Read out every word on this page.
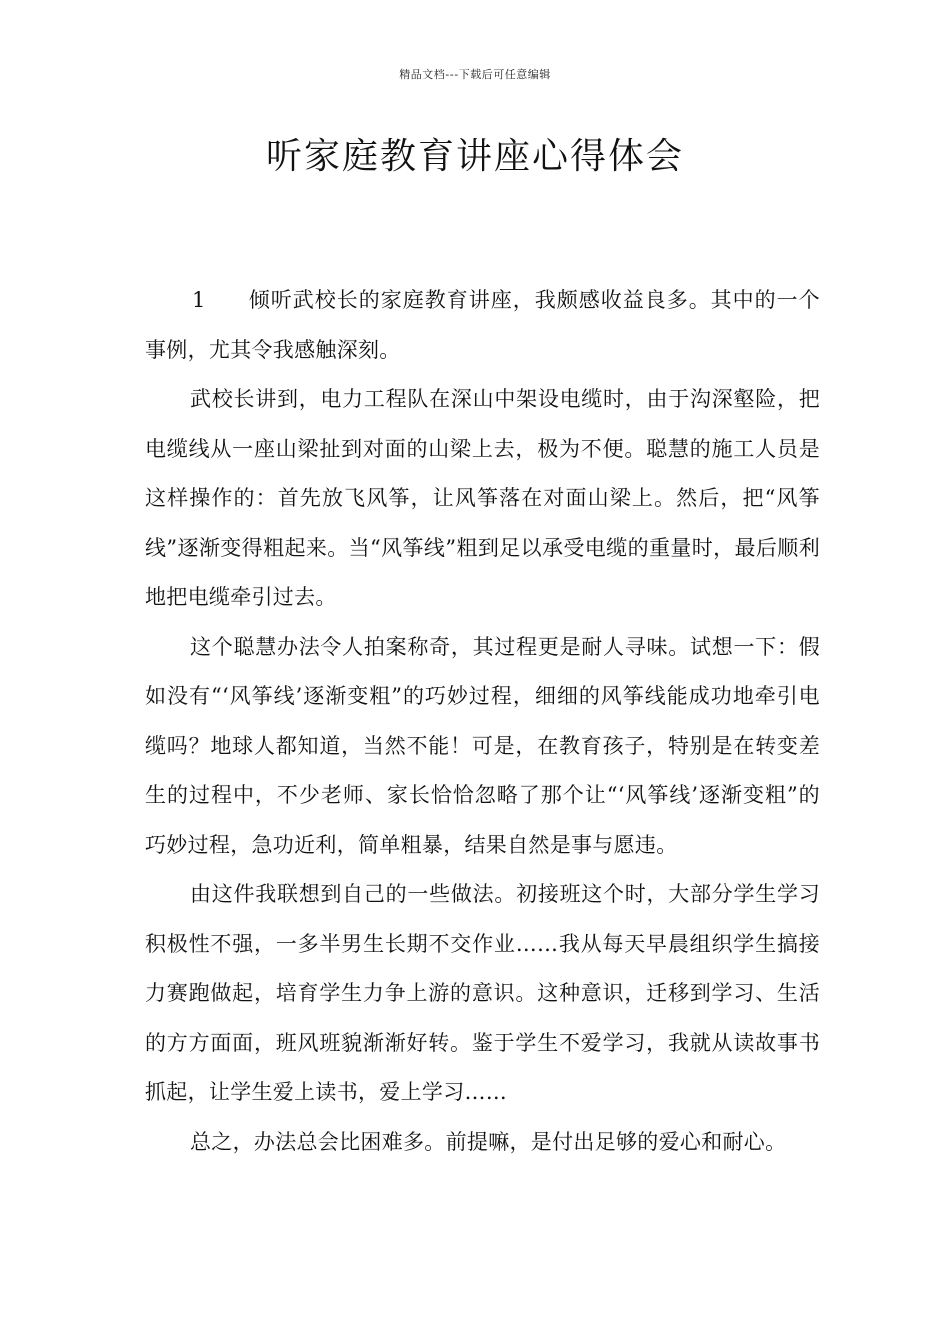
精品文档---下载后可任意编辑
听家庭教育讲座心得体会

1 倾听武校长的家庭教育讲座，我颇感收益良多。其中的一个事例，尤其令我感触深刻。

武校长讲到，电力工程队在深山中架设电缆时，由于沟深壑险，把电缆线从一座山梁扯到对面的山梁上去，极为不便。聪慧的施工人员是这样操作的：首先放飞风筝，让风筝落在对面山梁上。然后，把“风筝线”逐渐变得粗起来。当“风筝线”粗到足以承受电缆的重量时，最后顺利地把电缆牵引过去。

这个聪慧办法令人拍案称奇，其过程更是耐人寻味。试想一下：假如没有“‘风筝线’逐渐变粗”的巧妙过程，细细的风筝线能成功地牵引电缆吗？地球人都知道，当然不能！可是，在教育孩子，特别是在转变差生的过程中，不少老师、家长恰恰忽略了那个让“‘风筝线’逐渐变粗”的巧妙过程，急功近利，简单粗暴，结果自然是事与愿违。

由这件我联想到自己的一些做法。初接班这个时，大部分学生学习积极性不强，一多半男生长期不交作业……我从每天早晨组织学生搞接力赛跑做起，培育学生力争上游的意识。这种意识，迁移到学习、生活的方方面面，班风班貌渐渐好转。鉴于学生不爱学习，我就从读故事书抓起，让学生爱上读书，爱上学习……

总之，办法总会比困难多。前提嘛，是付出足够的爱心和耐心。
